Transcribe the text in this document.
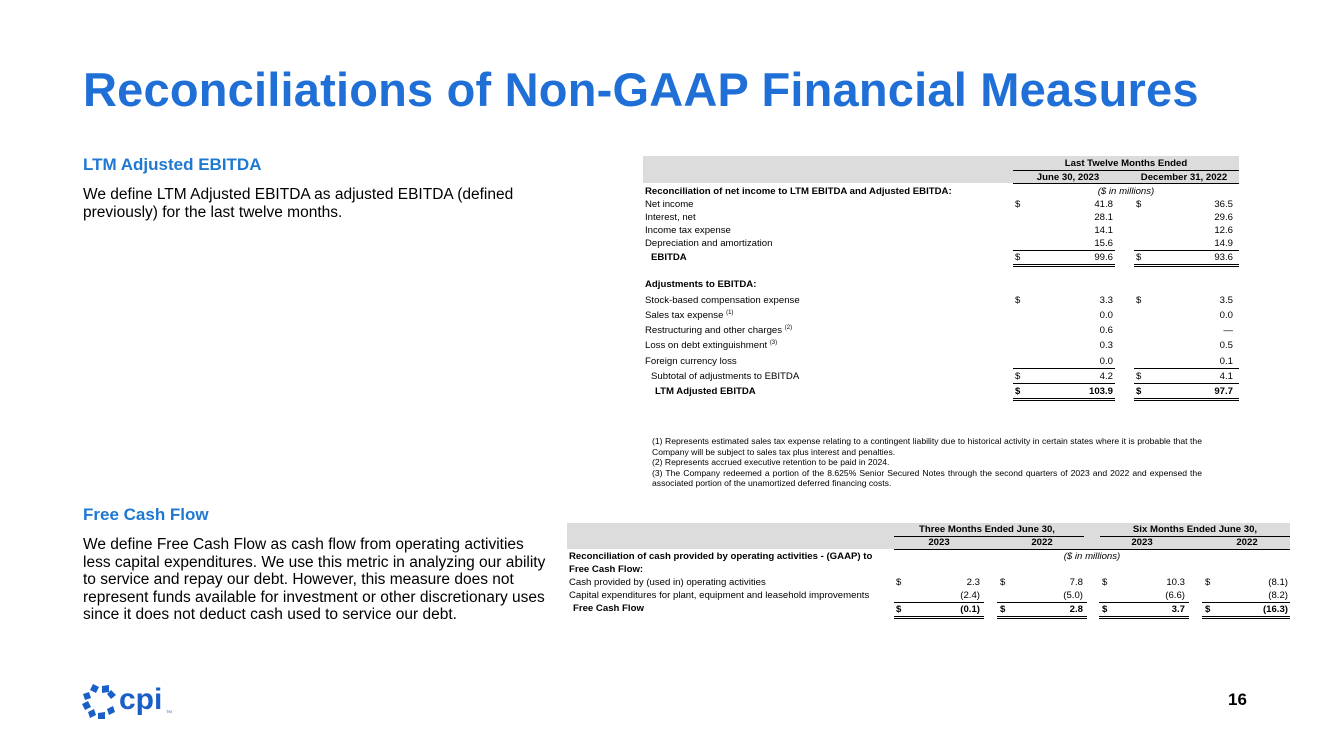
Reconciliations of Non-GAAP Financial Measures
LTM Adjusted EBITDA
We define LTM Adjusted EBITDA as adjusted EBITDA (defined previously) for the last twelve months.
Free Cash Flow
We define Free Cash Flow as cash flow from operating activities less capital expenditures. We use this metric in analyzing our ability to service and repay our debt. However, this measure does not represent funds available for investment or other discretionary uses since it does not deduct cash used to service our debt.
Last Twelve Months Ended
June 30, 2023	December 31, 2022
Reconciliation of net income to LTM EBITDA and Adjusted EBITDA:	($ in millions)
Net income	$	41.8 $	36.5
Interest, net	28.1	29.6
Income tax expense	14.1	12.6
Depreciation and amortization	15.6	14.9
EBITDA	$	99.6 $	93.6
Adjustments to EBITDA:
Stock-based compensation expense	$	3.3 $	3.5
Sales tax expense $^{(1)}$	0.0	0.0
Restructuring and other charges $^{(2)}$	0.6	—
Loss on debt extinguishment $^{(3)}$	0.3	0.5
Foreign currency loss	0.0	0.1
Subtotal of adjustments to EBITDA	$	4.2 $	4.1
LTM Adjusted EBITDA	$	103.9 $	97.7
(1) Represents estimated sales tax expense relating to a contingent liability due to historical activity in certain states where it is probable that the Company will be subject to sales tax plus interest and penalties.
(2) Represents accrued executive retention to be paid in 2024.
(3) The Company redeemed a portion of the 8.625% Senior Secured Notes through the second quarters of 2023 and 2022 and expensed the associated portion of the unamortized deferred financing costs.
Three Months Ended June 30,	Six Months Ended June 30,
2023	2022	2023	2022
Reconciliation of cash provided by operating activities - (GAAP) to
Free Cash Flow:
($ in millions)
Cash provided by (used in) operating activities	$	2.3 $	7.8 $	10.3 $	(8.1)
Capital expenditures for plant, equipment and leasehold improvements	(2.4)	(5.0)	(6.6)	(8.2)
Free Cash Flow	$	(0.1) $	2.8 $	3.7 $	(16.3)
cpi TM
16
